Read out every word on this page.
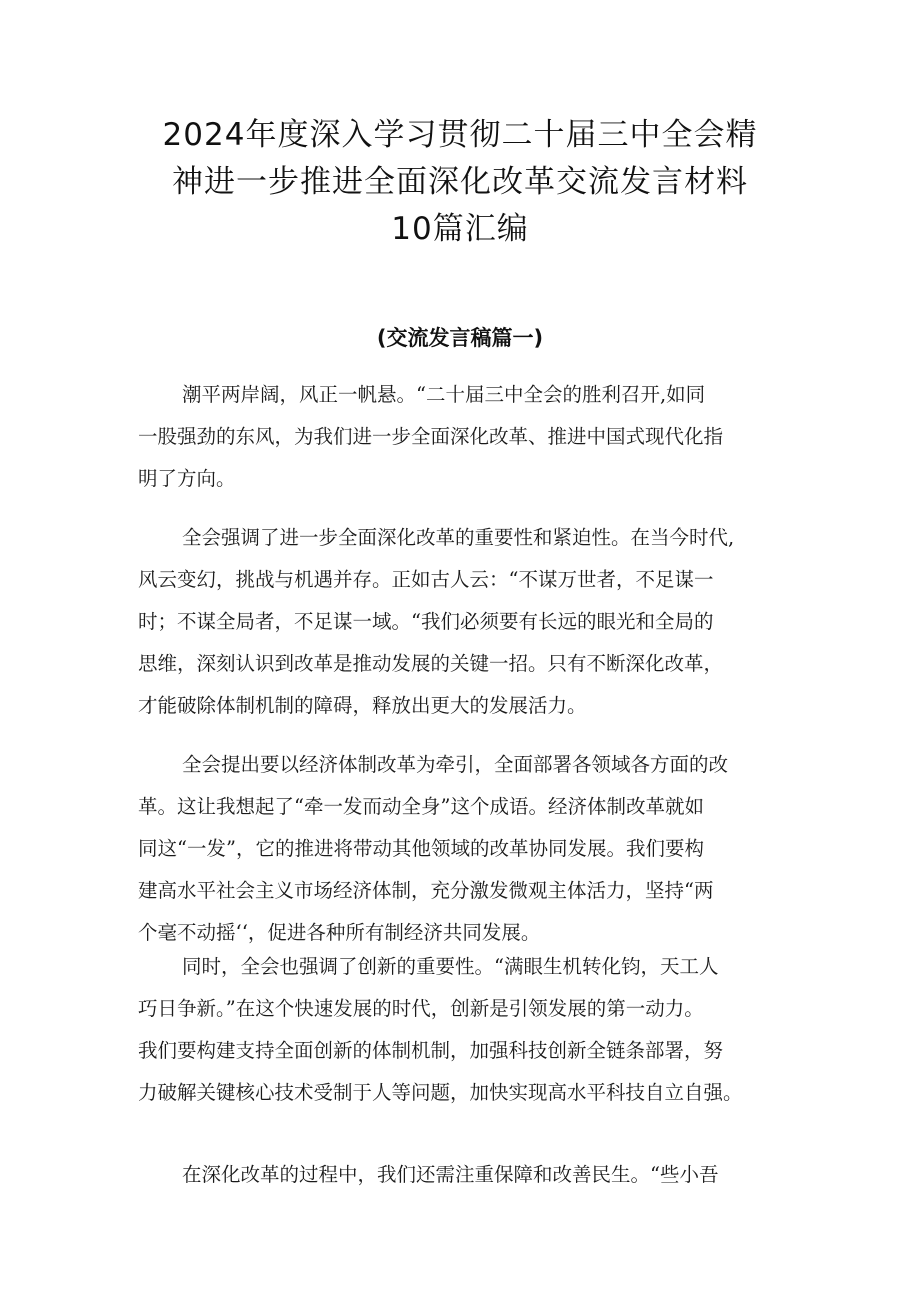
2024年度深入学习贯彻二十届三中全会精
神进一步推进全面深化改革交流发言材料
10篇汇编
(交流发言稿篇一)
潮平两岸阔，风正一帆悬。“二十届三中全会的胜利召开,如同
一股强劲的东风，为我们进一步全面深化改革、推进中国式现代化指
明了方向。
全会强调了进一步全面深化改革的重要性和紧迫性。在当今时代,
风云变幻，挑战与机遇并存。正如古人云：“不谋万世者，不足谋一
时；不谋全局者，不足谋一域。“我们必须要有长远的眼光和全局的
思维，深刻认识到改革是推动发展的关键一招。只有不断深化改革，
才能破除体制机制的障碍，释放出更大的发展活力。
全会提出要以经济体制改革为牵引，全面部署各领域各方面的改
革。这让我想起了“牵一发而动全身”这个成语。经济体制改革就如
同这“一发”，它的推进将带动其他领域的改革协同发展。我们要构
建高水平社会主义市场经济体制，充分激发微观主体活力，坚持“两
个毫不动摇‘‘，促进各种所有制经济共同发展。
同时，全会也强调了创新的重要性。“满眼生机转化钧，天工人
巧日争新。”在这个快速发展的时代，创新是引领发展的第一动力。
我们要构建支持全面创新的体制机制，加强科技创新全链条部署，努
力破解关键核心技术受制于人等问题，加快实现高水平科技自立自强。
在深化改革的过程中，我们还需注重保障和改善民生。“些小吾
